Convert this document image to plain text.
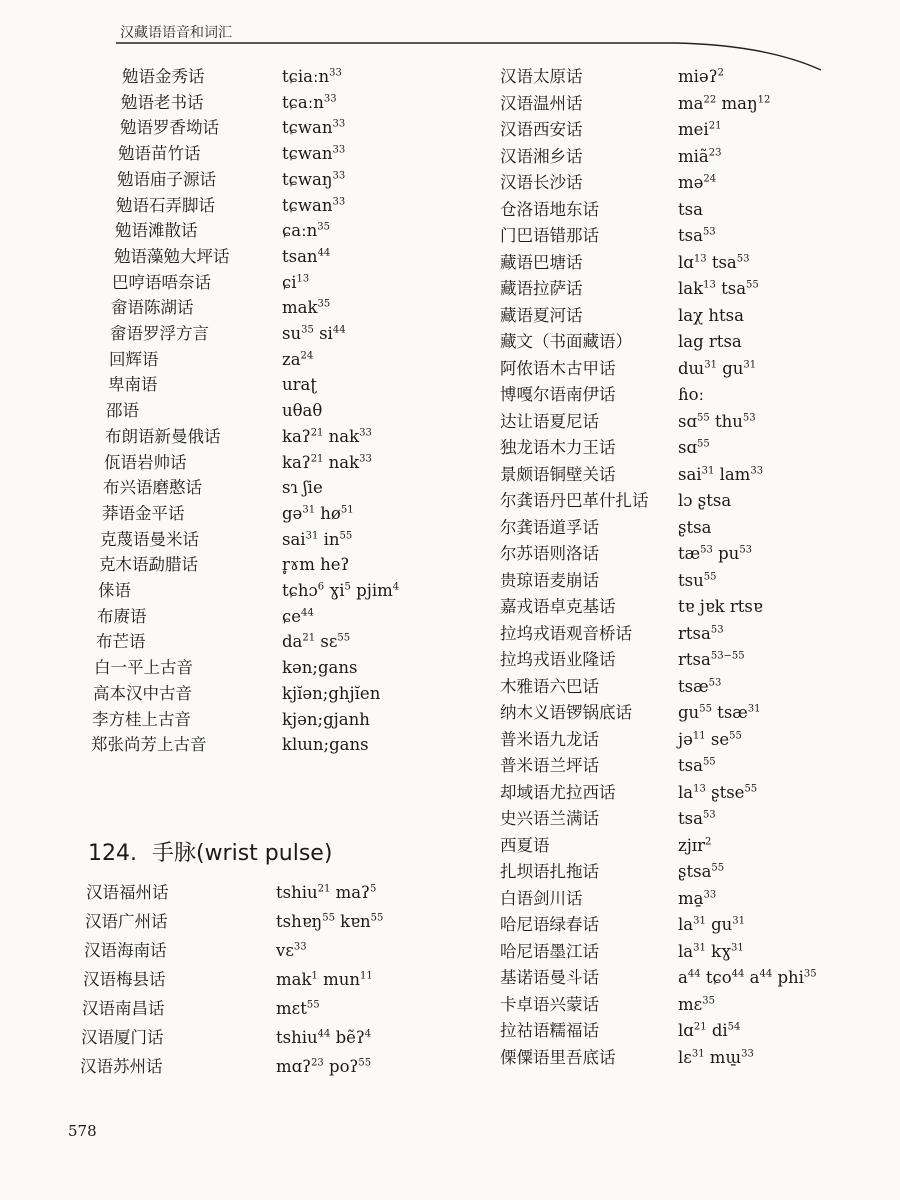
汉藏语语音和词汇
勉语金秀话	tɕiaːn$^{33}$
勉语老书话	tɕaːn$^{33}$
勉语罗香坳话	tɕwan$^{33}$
勉语苗竹话	tɕwan$^{33}$
勉语庙子源话	tɕwaŋ$^{33}$
勉语石弄脚话	tɕwan$^{33}$
勉语滩散话	ɕaːn$^{35}$
勉语藻勉大坪话	tsan$^{44}$
巴哼语唔奈话	ɕi$^{13}$
畲语陈湖话	mak$^{35}$
畲语罗浮方言	$su^{35}$ $si^{44}$
回辉语	$za^{24}$
卑南语	uraʈ
邵语	uθaθ
布朗语新曼俄话	kaʔ$^{21}$ nak$^{33}$
佤语岩帅话	kaʔ$^{21}$ nak$^{33}$
布兴语磨憨话	sɿ ʃie
莽语金平话	gə$^{31}$ $hø^{51}$
克蔑语曼米话	sai$^{31}$ $in^{55}$
克木语勐腊话	r̥ɤm heʔ
俫语	tɕhɔ$^6$ ɣi$^5$ pjim$^4$
布赓语	ɕe$^{44}$
布芒语	$da^{21}$ sɛ$^{55}$
白一平上古音	kən;gans
高本汉中古音	kjĭən;ghjĭen
李方桂上古音	kjən;gjanh
郑张尚芳上古音	klɯn;gans
汉语太原话	miəʔ$^2$
汉语温州话	$ma^{22}$ maŋ$^{12}$
汉语西安话	mei$^{21}$
汉语湘乡话	miã$^{23}$
汉语长沙话	mə$^{24}$
仓洛语地东话	tsa
门巴语错那话	tsa$^{53}$
藏语巴塘话	lɑ$^{13}$ tsa$^{53}$
藏语拉萨话	lak$^{13}$ tsa$^{55}$
藏语夏河话	laχ htsa
藏文（书面藏语）	lag rtsa
阿侬语木古甲话	dɯ$^{31}$ $gu^{31}$
博嘎尔语南伊话	ɦoː
达让语夏尼话	sɑ$^{55}$ thu$^{53}$
独龙语木力王话	sɑ$^{55}$
景颇语铜壁关话	sai$^{31}$ lam$^{33}$
尔龚语丹巴革什扎话 lɔ ʂtsa
尔龚语道孚话	ʂtsa
尔苏语则洛话	$tæ^{53}$ $pu^{53}$
贵琼语麦崩话	tsu$^{55}$
嘉戎语卓克基话	tɐ jɐk rtsɐ
拉坞戎语观音桥话	rtsa$^{53}$
拉坞戎语业隆话	rtsa$^{53-55}$
木雅语六巴话	tsæ$^{53}$
纳木义语锣锅底话	$gu^{55}$ tsæ$^{31}$
普米语九龙话	jə$^{11}$ $se^{55}$
普米语兰坪话	tsa$^{55}$
却域语尤拉西话	$la^{13}$ ʂtse$^{55}$
史兴语兰满话	tsa$^{53}$
西夏语	zjɪr$^2$
扎坝语扎拖话	ʂtsa$^{55}$
白语剑川话	ma̱$^{33}$
哈尼语绿春话	$la^{31}$ $gu^{31}$
哈尼语墨江话	$la^{31}$ kɣ$^{31}$
基诺语曼斗话	$a^{44}$ tɕo$^{44}$ $a^{44}$ phi$^{35}$
卡卓语兴蒙话	mɛ$^{35}$
拉祜语糯福话	lɑ$^{21}$ $di^{54}$
傈僳语里吾底话	lɛ$^{31}$ mɯ̱$^{33}$
124. 手脉(wrist pulse)
汉语福州话	tshiu$^{21}$ maʔ$^5$
汉语广州话	tshɐŋ$^{55}$ kɐn$^{55}$
汉语海南话	vɛ$^{33}$
汉语梅县话	mak$^1$ mun$^{11}$
汉语南昌话	mɛt$^{55}$
汉语厦门话	tshiu$^{44}$ bẽʔ$^4$
汉语苏州话	mɑʔ$^{23}$ poʔ$^{55}$
578
